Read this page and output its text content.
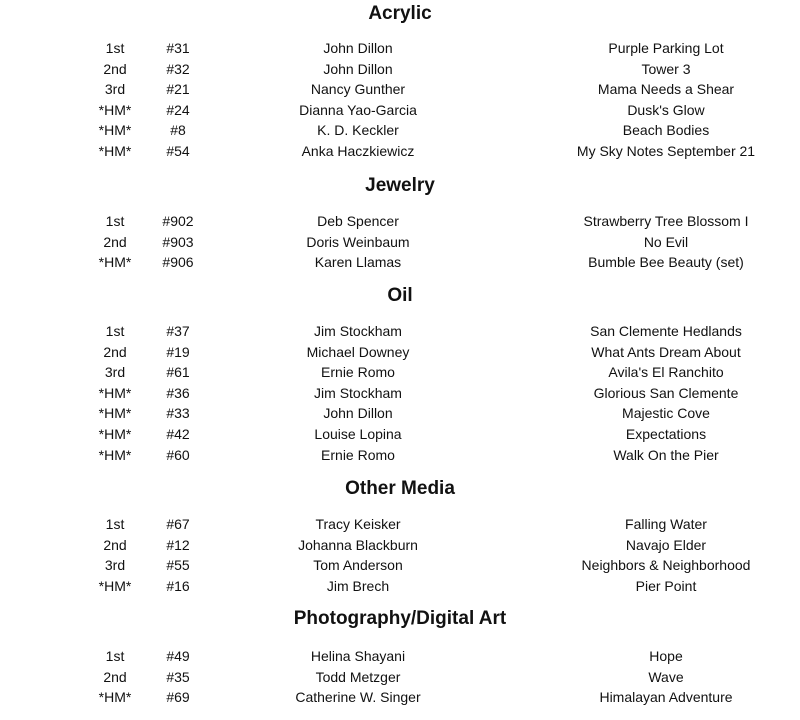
Acrylic
1st	#31	John Dillon	Purple Parking Lot
2nd	#32	John Dillon	Tower 3
3rd	#21	Nancy Gunther	Mama Needs a Shear
*HM*	#24	Dianna Yao-Garcia	Dusk's Glow
*HM*	#8	K. D. Keckler	Beach Bodies
*HM*	#54	Anka Haczkiewicz	My Sky Notes September 21
Jewelry
1st	#902	Deb Spencer	Strawberry Tree Blossom I
2nd	#903	Doris Weinbaum	No Evil
*HM*	#906	Karen Llamas	Bumble Bee Beauty (set)
Oil
1st	#37	Jim Stockham	San Clemente Hedlands
2nd	#19	Michael Downey	What Ants Dream About
3rd	#61	Ernie Romo	Avila's El Ranchito
*HM*	#36	Jim Stockham	Glorious San Clemente
*HM*	#33	John Dillon	Majestic Cove
*HM*	#42	Louise Lopina	Expectations
*HM*	#60	Ernie Romo	Walk On the Pier
Other Media
1st	#67	Tracy Keisker	Falling Water
2nd	#12	Johanna Blackburn	Navajo Elder
3rd	#55	Tom Anderson	Neighbors & Neighborhood
*HM*	#16	Jim Brech	Pier Point
Photography/Digital Art
1st	#49	Helina Shayani	Hope
2nd	#35	Todd Metzger	Wave
*HM*	#69	Catherine W. Singer	Himalayan Adventure
